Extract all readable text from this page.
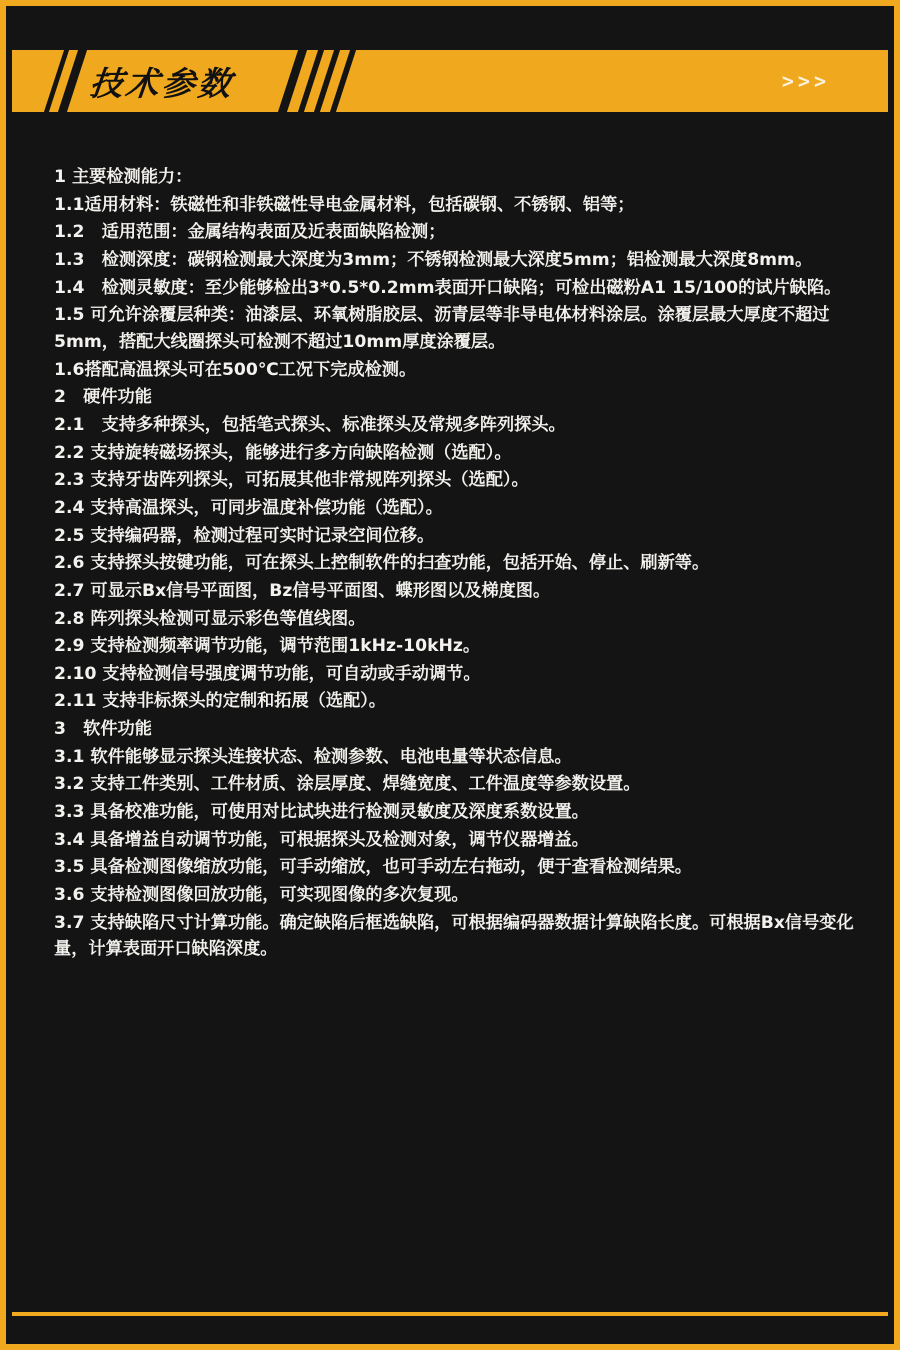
技术参数	>>>

1 主要检测能力：

1.1适用材料：铁磁性和非铁磁性导电金属材料，包括碳钢、不锈钢、铝等；

1.2　适用范围：金属结构表面及近表面缺陷检测；

1.3　检测深度：碳钢检测最大深度为3mm；不锈钢检测最大深度5mm；铝检测最大深度8mm。

1.4　检测灵敏度：至少能够检出3*0.5*0.2mm表面开口缺陷；可检出磁粉A1 15/100的试片缺陷。

1.5 可允许涂覆层种类：油漆层、环氧树脂胶层、沥青层等非导电体材料涂层。涂覆层最大厚度不超过5mm，搭配大线圈探头可检测不超过10mm厚度涂覆层。

1.6搭配高温探头可在500℃工况下完成检测。

2　硬件功能

2.1　支持多种探头，包括笔式探头、标准探头及常规多阵列探头。

2.2 支持旋转磁场探头，能够进行多方向缺陷检测（选配）。

2.3 支持牙齿阵列探头，可拓展其他非常规阵列探头（选配）。

2.4 支持高温探头，可同步温度补偿功能（选配）。

2.5 支持编码器，检测过程可实时记录空间位移。

2.6 支持探头按键功能，可在探头上控制软件的扫查功能，包括开始、停止、刷新等。

2.7 可显示Bx信号平面图，Bz信号平面图、蝶形图以及梯度图。

2.8 阵列探头检测可显示彩色等值线图。

2.9 支持检测频率调节功能，调节范围1kHz-10kHz。

2.10 支持检测信号强度调节功能，可自动或手动调节。

2.11 支持非标探头的定制和拓展（选配）。

3　软件功能

3.1 软件能够显示探头连接状态、检测参数、电池电量等状态信息。

3.2 支持工件类别、工件材质、涂层厚度、焊缝宽度、工件温度等参数设置。

3.3 具备校准功能，可使用对比试块进行检测灵敏度及深度系数设置。

3.4 具备增益自动调节功能，可根据探头及检测对象，调节仪器增益。

3.5 具备检测图像缩放功能，可手动缩放，也可手动左右拖动，便于查看检测结果。

3.6 支持检测图像回放功能，可实现图像的多次复现。

3.7 支持缺陷尺寸计算功能。确定缺陷后框选缺陷，可根据编码器数据计算缺陷长度。可根据Bx信号变化量，计算表面开口缺陷深度。
